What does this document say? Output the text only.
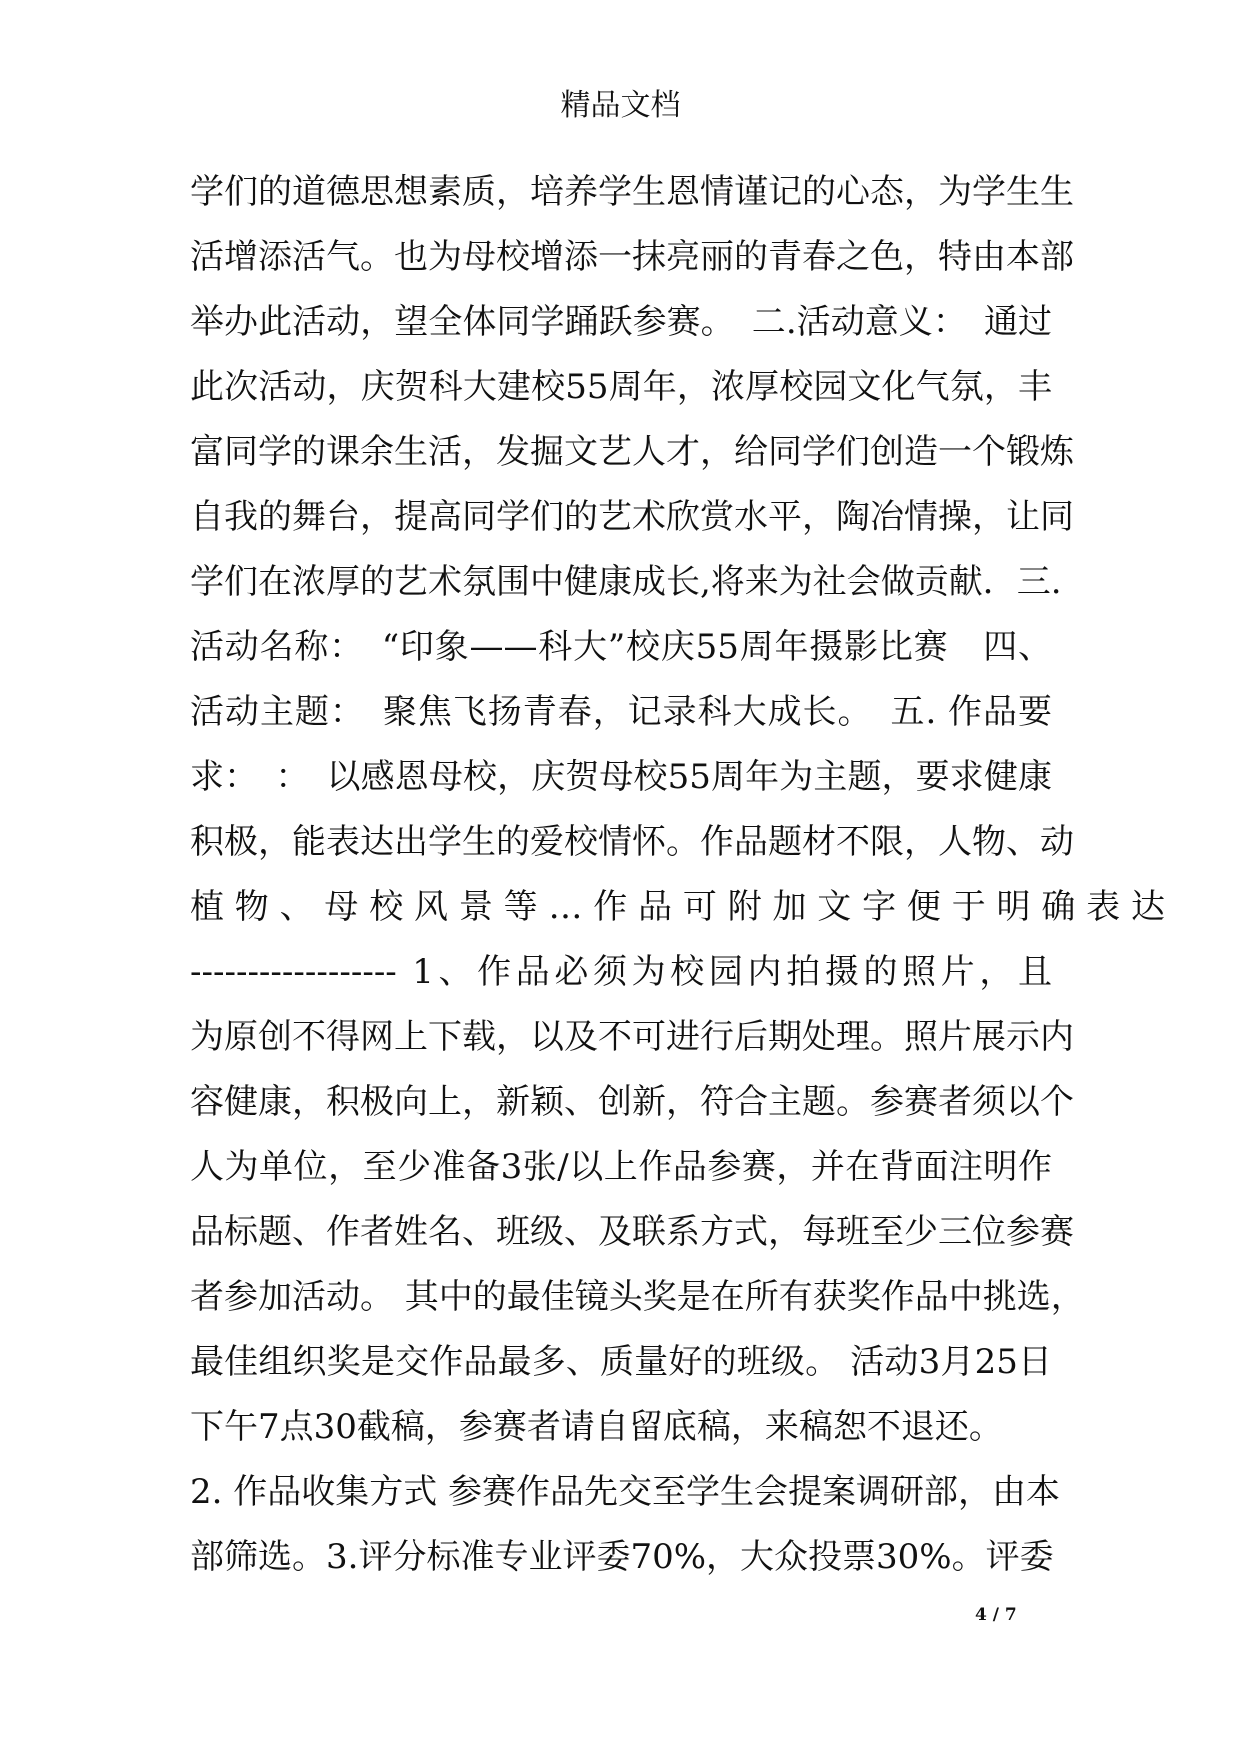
精品文档
学们的道德思想素质，培养学生恩情谨记的心态，为学生生
活增添活气。也为母校增添一抹亮丽的青春之色，特由本部
举办此活动，望全体同学踊跃参赛。　二.活动意义：　通过
此次活动，庆贺科大建校55周年，浓厚校园文化气氛，丰
富同学的课余生活，发掘文艺人才，给同学们创造一个锻炼
自我的舞台，提高同学们的艺术欣赏水平，陶冶情操，让同
学们在浓厚的艺术氛围中健康成长,将来为社会做贡献．三.
活动名称：　“印象——科大”校庆55周年摄影比赛　四、
活动主题：　聚焦飞扬青春，记录科大成长。　五. 作品要
求：　：　以感恩母校，庆贺母校55周年为主题，要求健康
积极，能表达出学生的爱校情怀。作品题材不限，人物、动
植 物 、 母 校 风 景 等 … 作 品 可 附 加 文 字 便 于 明 确 表 达
------------------ 1、作品必须为校园内拍摄的照片，且
为原创不得网上下载，以及不可进行后期处理。照片展示内
容健康，积极向上，新颖、创新，符合主题。参赛者须以个
人为单位，至少准备3张/以上作品参赛，并在背面注明作
品标题、作者姓名、班级、及联系方式，每班至少三位参赛
者参加活动。 其中的最佳镜头奖是在所有获奖作品中挑选，
最佳组织奖是交作品最多、质量好的班级。 活动3月25日
下午7点30截稿，参赛者请自留底稿，来稿恕不退还。
2. 作品收集方式 参赛作品先交至学生会提案调研部，由本
部筛选。3.评分标准专业评委70%，大众投票30%。评委
4 / 7
